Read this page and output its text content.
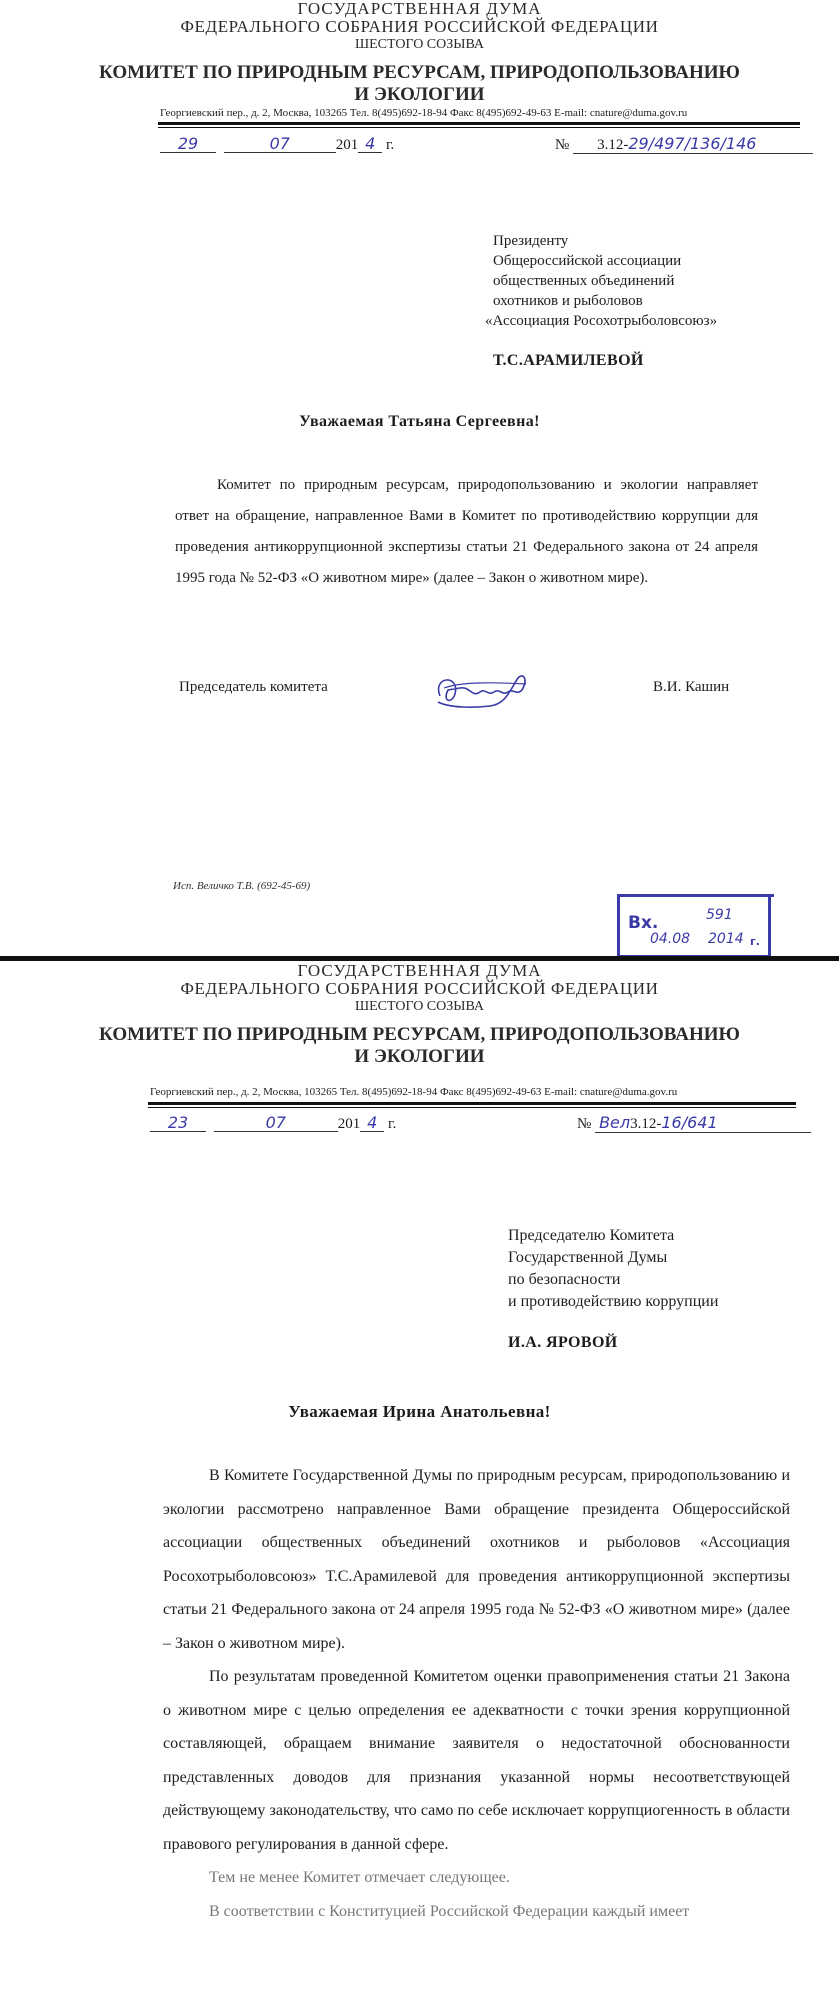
ГОСУДАРСТВЕННАЯ ДУМА
ФЕДЕРАЛЬНОГО СОБРАНИЯ РОССИЙСКОЙ ФЕДЕРАЦИИ
ШЕСТОГО СОЗЫВА
КОМИТЕТ ПО ПРИРОДНЫМ РЕСУРСАМ, ПРИРОДОПОЛЬЗОВАНИЮ
И ЭКОЛОГИИ
Георгиевский пер., д. 2, Москва, 103265 Тел. 8(495)692-18-94 Факс 8(495)692-49-63 E-mail: cnature@duma.gov.ru
29	07	201 4 г.	№ 3.12-29/497/136/146
Президенту
Общероссийской ассоциации
общественных объединений
охотников и рыболовов
«Ассоциация Росохотрыболовсоюз»
Т.С.АРАМИЛЕВОЙ
Уважаемая Татьяна Сергеевна!
Комитет по природным ресурсам, природопользованию и экологии направляет ответ на обращение, направленное Вами в Комитет по противодействию коррупции для проведения антикоррупционной экспертизы статьи 21 Федерального закона от 24 апреля 1995 года № 52-ФЗ «О животном мире» (далее – Закон о животном мире).
Председатель комитета	В.И. Кашин
Исп. Величко Т.В. (692-45-69)
Вх.	591
04.08 2014 г.
ГОСУДАРСТВЕННАЯ ДУМА
ФЕДЕРАЛЬНОГО СОБРАНИЯ РОССИЙСКОЙ ФЕДЕРАЦИИ
ШЕСТОГО СОЗЫВА
КОМИТЕТ ПО ПРИРОДНЫМ РЕСУРСАМ, ПРИРОДОПОЛЬЗОВАНИЮ
И ЭКОЛОГИИ
Георгиевский пер., д. 2, Москва, 103265 Тел. 8(495)692-18-94 Факс 8(495)692-49-63 E-mail: cnature@duma.gov.ru
23	07	201 4 г.	№ Вел3.12-16/641
Председателю Комитета
Государственной Думы
по безопасности
и противодействию коррупции
И.А. ЯРОВОЙ
Уважаемая Ирина Анатольевна!

В Комитете Государственной Думы по природным ресурсам, природопользованию и экологии рассмотрено направленное Вами обращение президента Общероссийской ассоциации общественных объединений охотников и рыболовов «Ассоциация Росохотрыболовсоюз» Т.С.Арамилевой для проведения антикоррупционной экспертизы статьи 21 Федерального закона от 24 апреля 1995 года № 52-ФЗ «О животном мире» (далее – Закон о животном мире).

По результатам проведенной Комитетом оценки правоприменения статьи 21 Закона о животном мире с целью определения ее адекватности с точки зрения коррупционной составляющей, обращаем внимание заявителя о недостаточной обоснованности представленных доводов для признания указанной нормы несоответствующей действующему законодательству, что само по себе исключает коррупциогенность в области правового регулирования в данной сфере.

Тем не менее Комитет отмечает следующее.

В соответствии с Конституцией Российской Федерации каждый имеет
